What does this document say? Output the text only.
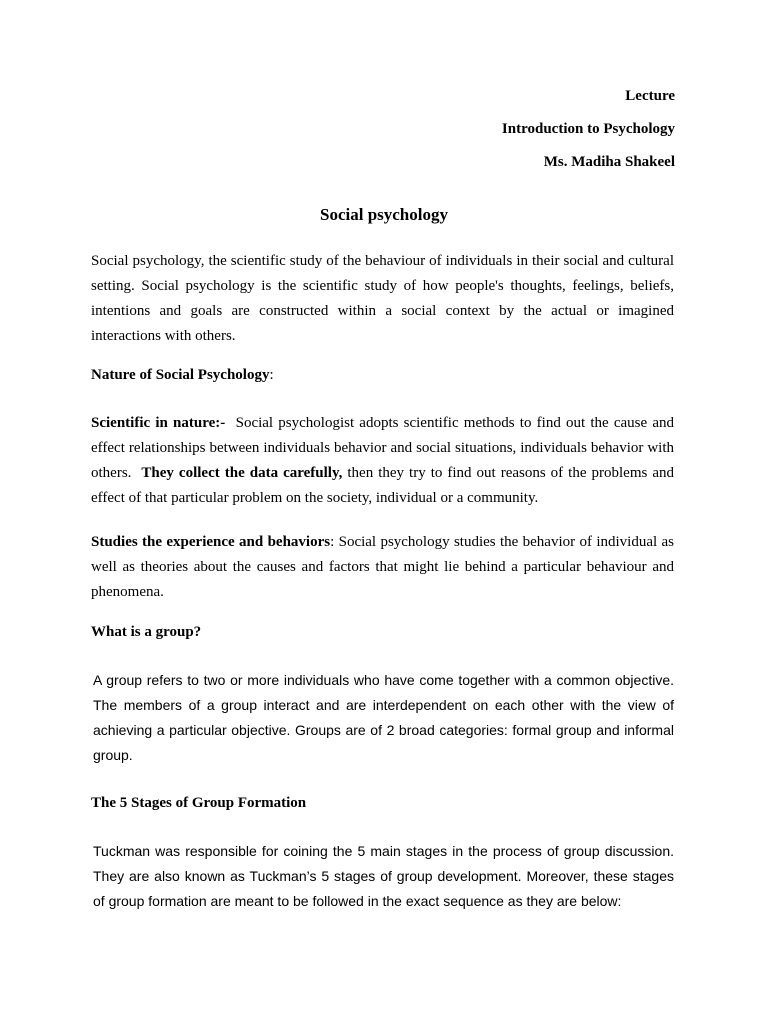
Lecture
Introduction to Psychology
Ms. Madiha Shakeel
Social psychology
Social psychology, the scientific study of the behaviour of individuals in their social and cultural setting. Social psychology is the scientific study of how people's thoughts, feelings, beliefs, intentions and goals are constructed within a social context by the actual or imagined interactions with others.
Nature of Social Psychology:
Scientific in nature:-  Social psychologist adopts scientific methods to find out the cause and effect relationships between individuals behavior and social situations, individuals behavior with others.  They collect the data carefully, then they try to find out reasons of the problems and effect of that particular problem on the society, individual or a community.
Studies the experience and behaviors: Social psychology studies the behavior of individual as well as theories about the causes and factors that might lie behind a particular behaviour and phenomena.
What is a group?
A group refers to two or more individuals who have come together with a common objective. The members of a group interact and are interdependent on each other with the view of achieving a particular objective. Groups are of 2 broad categories: formal group and informal group.
The 5 Stages of Group Formation
Tuckman was responsible for coining the 5 main stages in the process of group discussion. They are also known as Tuckman’s 5 stages of group development. Moreover, these stages of group formation are meant to be followed in the exact sequence as they are below:
